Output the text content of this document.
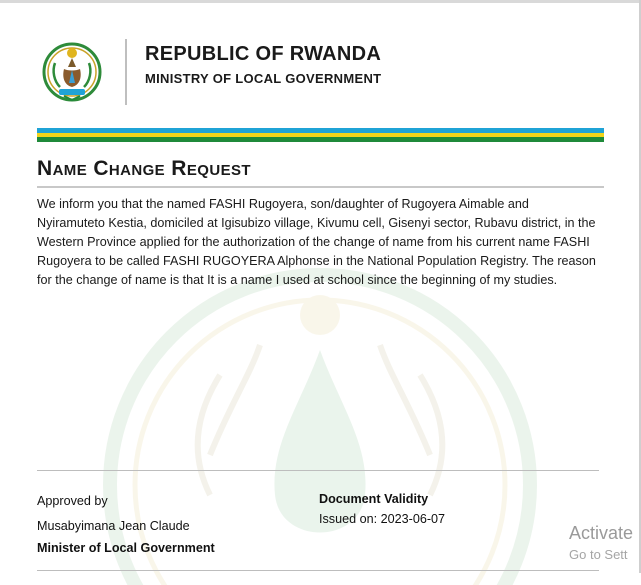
REPUBLIC OF RWANDA
MINISTRY OF LOCAL GOVERNMENT
Name Change Request
We inform you that the named FASHI Rugoyera, son/daughter of Rugoyera Aimable and Nyiramuteto Kestia, domiciled at Igisubizo village, Kivumu cell, Gisenyi sector, Rubavu district, in the Western Province applied for the authorization of the change of name from his current name FASHI Rugoyera to be called FASHI RUGOYERA Alphonse in the National Population Registry. The reason for the change of name is that It is a name I used at school since the beginning of my studies.
Approved by
Musabyimana Jean Claude
Minister of Local Government
Document Validity
Issued on: 2023-06-07
Activate
Go to Sett
